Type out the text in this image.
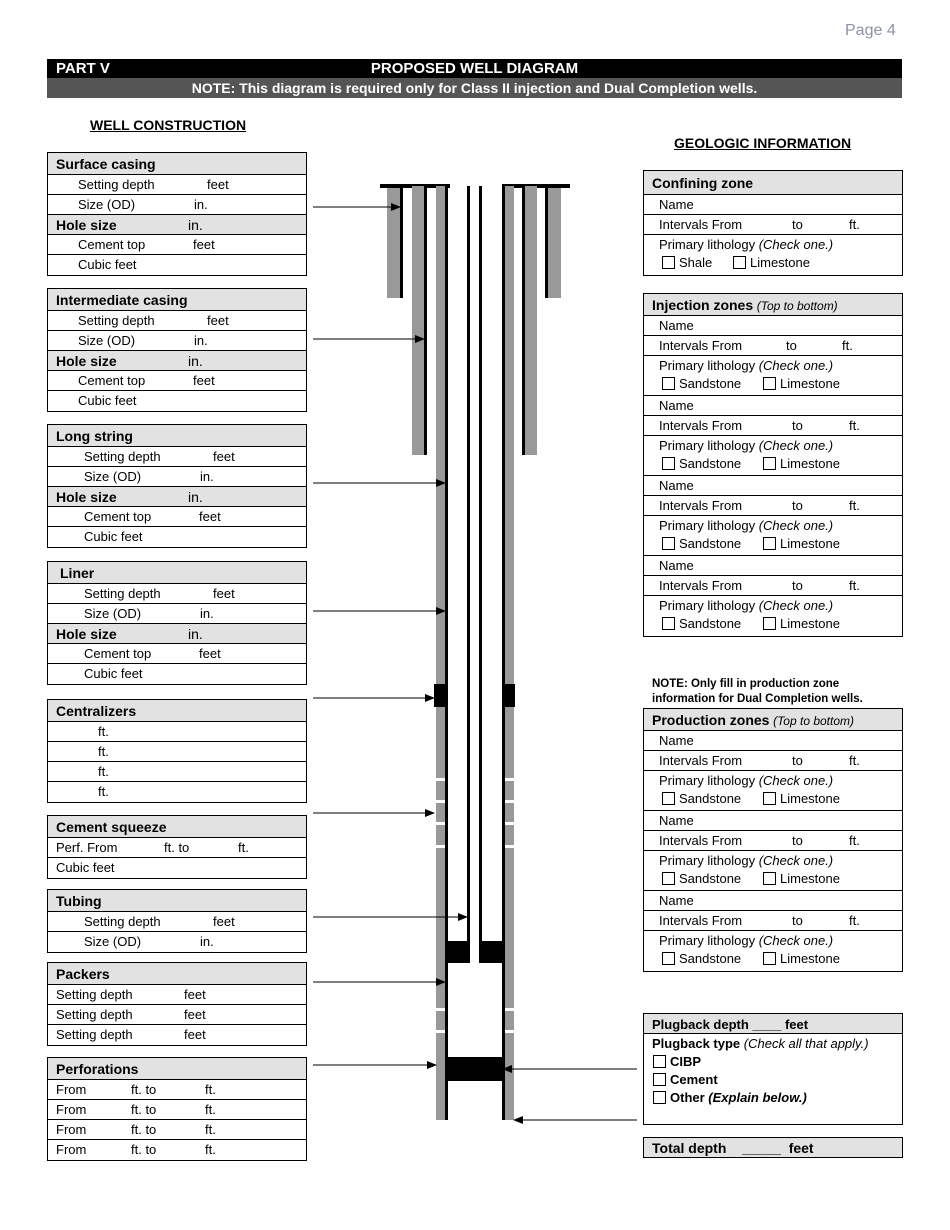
Page 4
PART V	PROPOSED WELL DIAGRAM
NOTE: This diagram is required only for Class II injection and Dual Completion wells.
WELL CONSTRUCTION
GEOLOGIC INFORMATION
Surface casing
Setting depth	feet
Size (OD)	in.
Hole size	in.
Cement top	feet
Cubic feet
Intermediate casing
Setting depth	feet
Size (OD)	in.
Hole size	in.
Cement top	feet
Cubic feet
Long string
Setting depth	feet
Size (OD)	in.
Hole size	in.
Cement top	feet
Cubic feet
Liner
Setting depth	feet
Size (OD)	in.
Hole size	in.
Cement top	feet
Cubic feet
Centralizers
ft.
ft.
ft.
ft.
Cement squeeze
Perf. From	ft. to	ft.
Cubic feet
Tubing
Setting depth	feet
Size (OD)	in.
Packers
Setting depth	feet
Setting depth	feet
Setting depth	feet
Perforations
From	ft. to	ft.
From	ft. to	ft.
From	ft. to	ft.
From	ft. to	ft.
Confining zone
Name
Intervals From	to	ft.
Primary lithology (Check one.)
Shale	Limestone
Injection zones (Top to bottom)
Name
Intervals From	to	ft.
Primary lithology (Check one.)
Sandstone	Limestone
Name
Intervals From	to	ft.
Primary lithology (Check one.)
Sandstone	Limestone
Name
Intervals From	to	ft.
Primary lithology (Check one.)
Sandstone	Limestone
Name
Intervals From	to	ft.
Primary lithology (Check one.)
Sandstone	Limestone
NOTE: Only fill in production zone information for Dual Completion wells.
Production zones (Top to bottom)
Name
Intervals From	to	ft.
Primary lithology (Check one.)
Sandstone	Limestone
Name
Intervals From	to	ft.
Primary lithology (Check one.)
Sandstone	Limestone
Name
Intervals From	to	ft.
Primary lithology (Check one.)
Sandstone	Limestone
Plugback depth ____ feet
Plugback type (Check all that apply.)
CIBP
Cement
Other (Explain below.)
Total depth _____ feet
